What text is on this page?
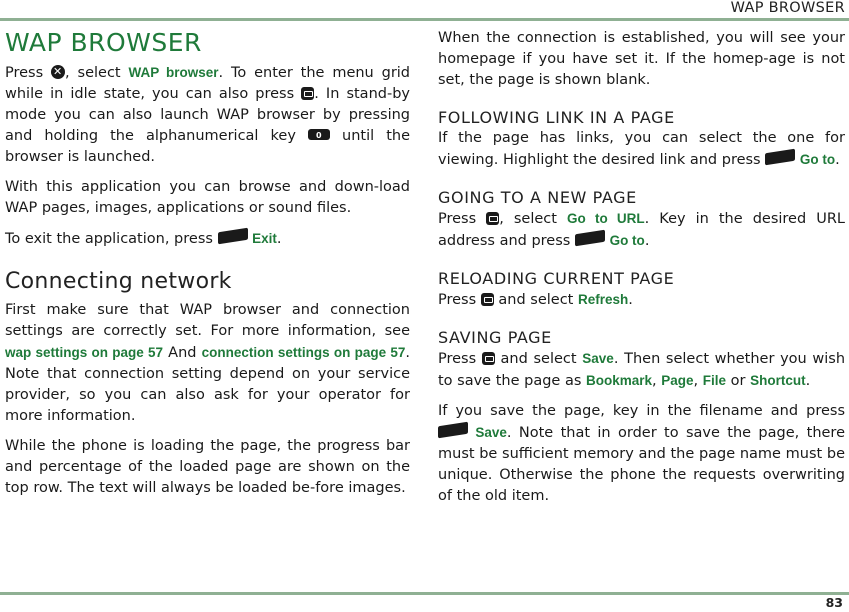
WAP BROWSER
WAP BROWSER

Press ✕ , select WAP browser. To enter the menu grid while in idle state, you can also press . In stand-by mode you can also launch WAP browser by pressing and holding the alphanumerical key 0	until the browser is launched.

With this application you can browse and down-load WAP pages, images, applications or sound files.

To exit the application, press	Exit.

Connecting network

First make sure that WAP browser and connection settings are correctly set. For more information, see wap settings on page 57 And connection settings on page 57. Note that connection setting depend on your service provider, so you can also ask for your operator for more information.

While the phone is loading the page, the progress bar and percentage of the loaded page are shown on the top row. The text will always be loaded be-fore images.

When the connection is established, you will see your homepage if you have set it. If the homep-age is not set, the page is shown blank.

FOLLOWING LINK IN A PAGE

If the page has links, you can select the one for viewing. Highlight the desired link and press	Go to.

GOING TO A NEW PAGE

Press , select Go to URL. Key in the desired URL address and press	Go to.

RELOADING CURRENT PAGE

Press and select Refresh.

SAVING PAGE

Press and select Save. Then select whether you wish to save the page as Bookmark, Page, File or Shortcut.

If you save the page, key in the filename and press  Save. Note that in order to save the page, there must be sufficient memory and the page name must be unique. Otherwise the phone the requests overwriting of the old item.

83
